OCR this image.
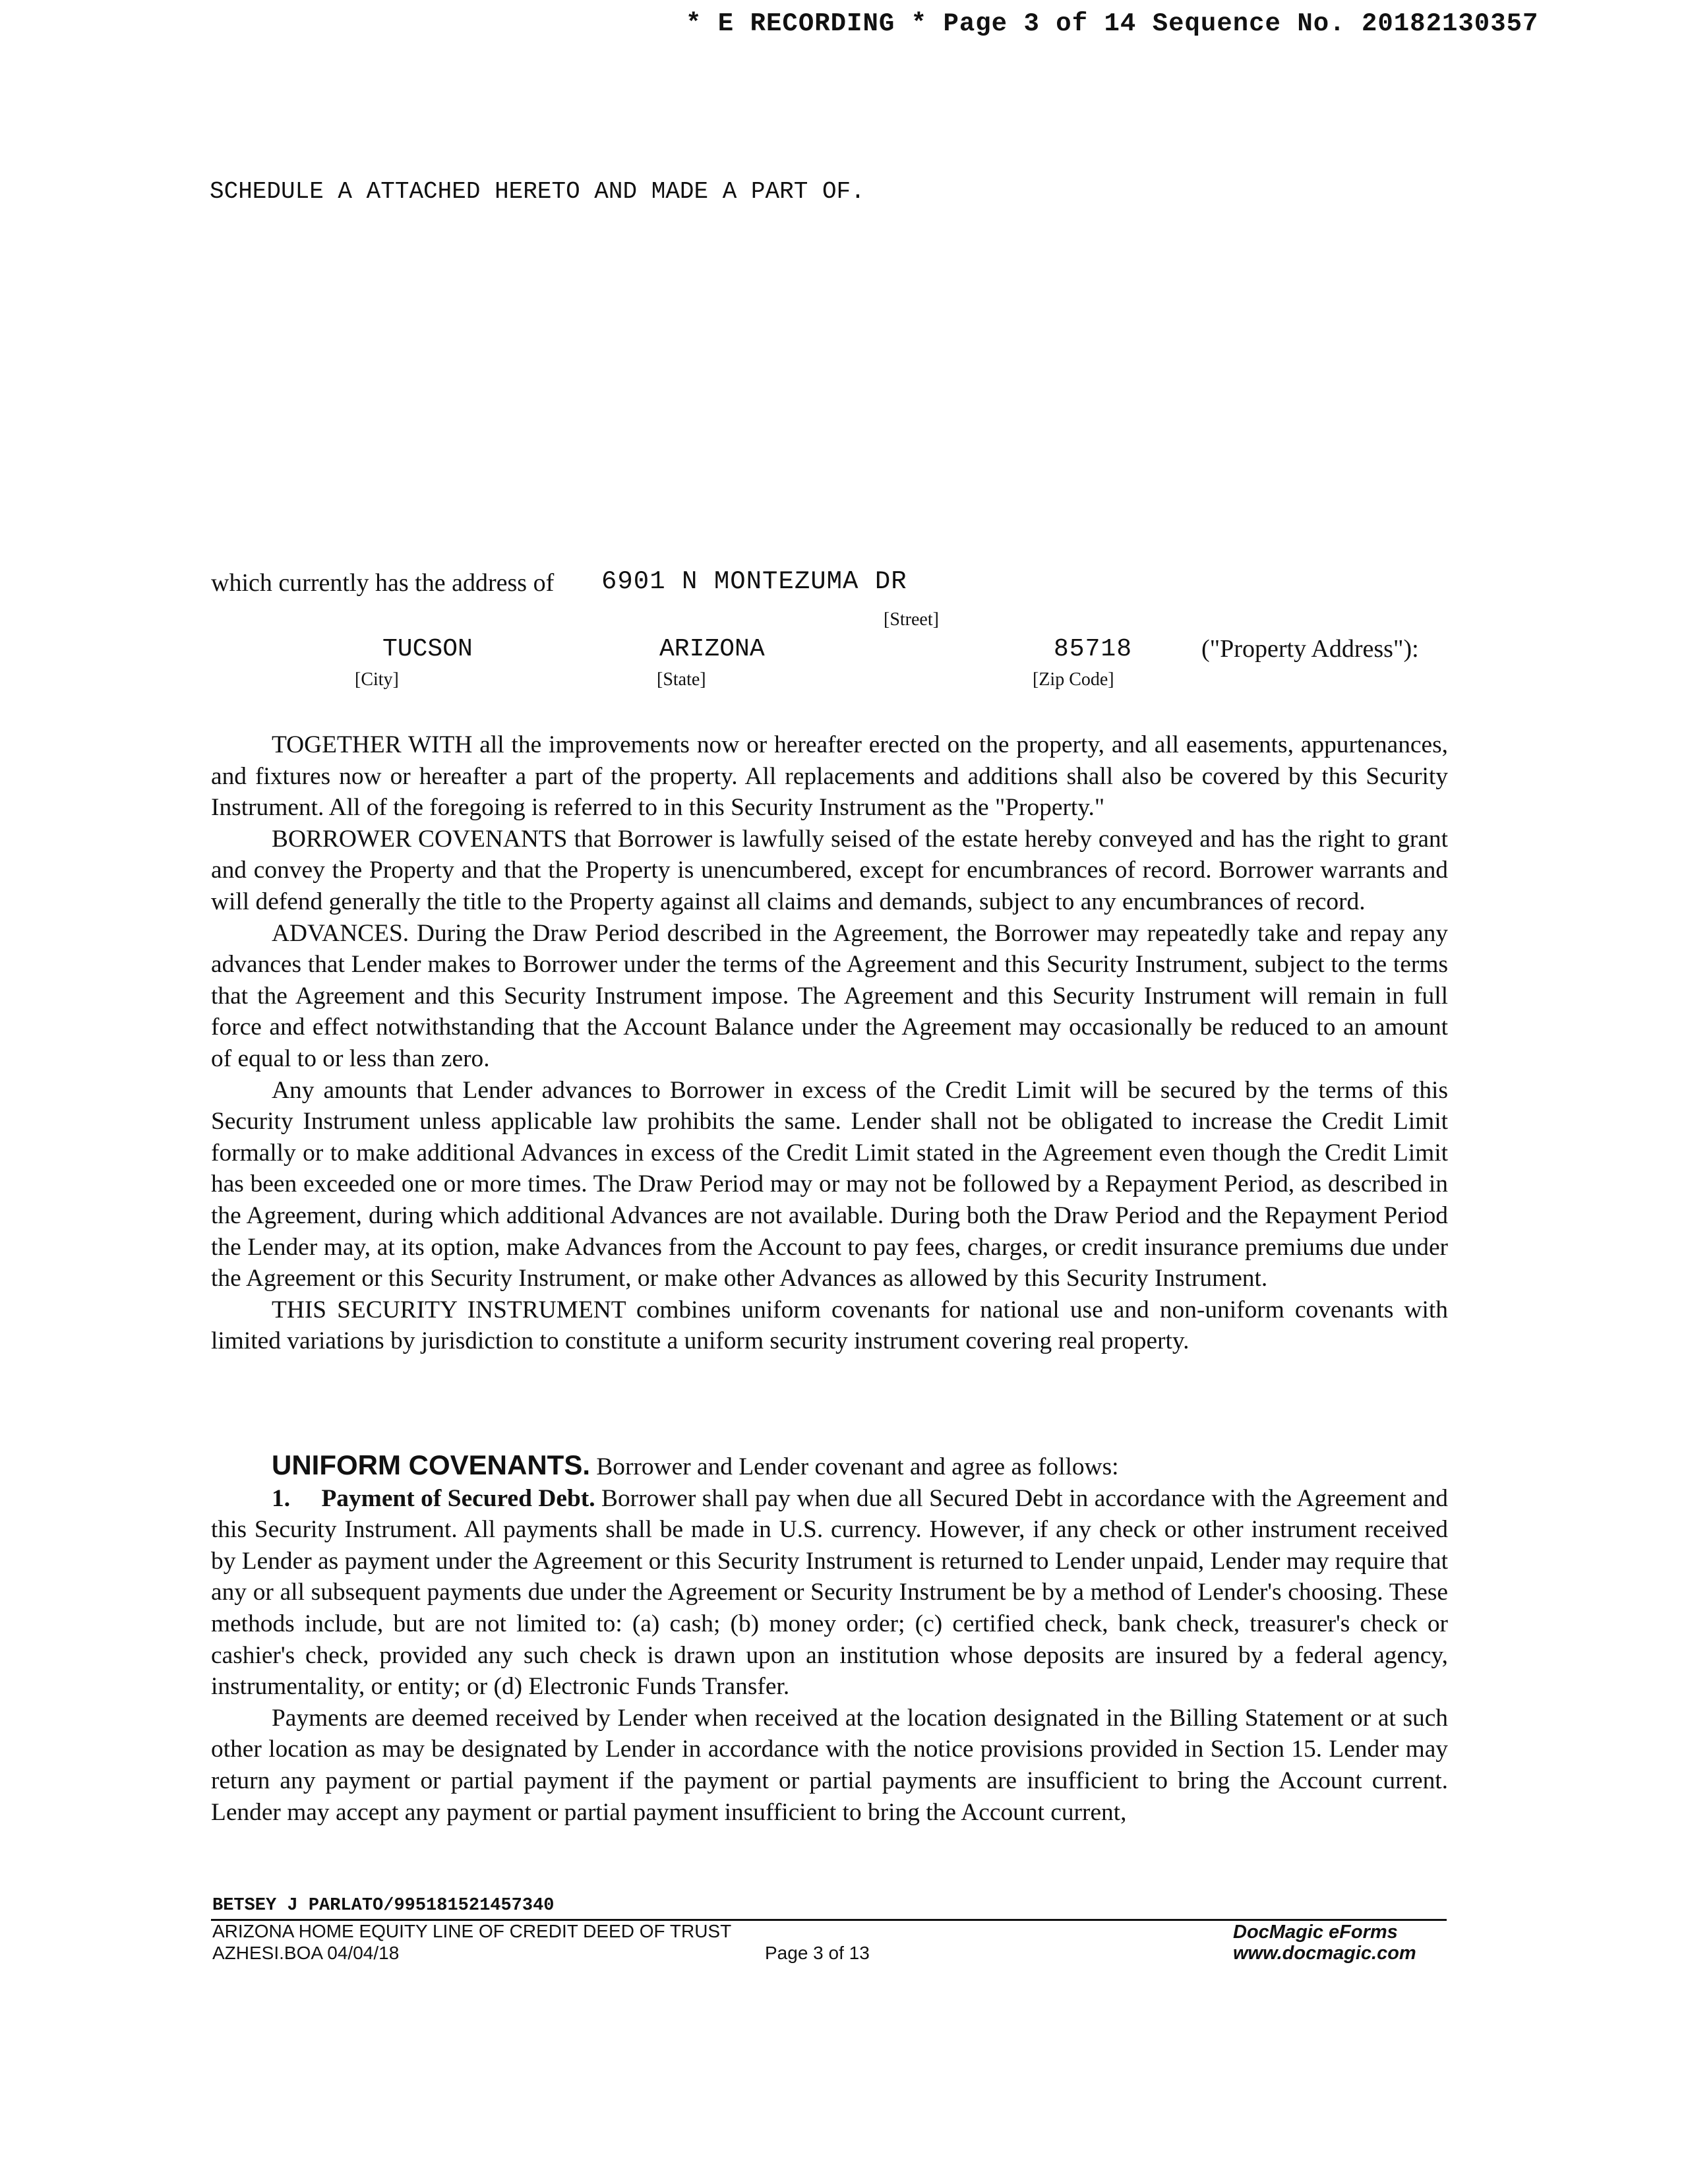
* E RECORDING * Page 3 of 14 Sequence No. 20182130357
SCHEDULE A ATTACHED HERETO AND MADE A PART OF.
which currently has the address of 6901 N MONTEZUMA DR
[Street]
TUCSON	ARIZONA	85718	("Property Address"):
[City]	[State]	[Zip Code]

TOGETHER WITH all the improvements now or hereafter erected on the property, and all easements, appurtenances, and fixtures now or hereafter a part of the property. All replacements and additions shall also be covered by this Security Instrument. All of the foregoing is referred to in this Security Instrument as the "Property."

BORROWER COVENANTS that Borrower is lawfully seised of the estate hereby conveyed and has the right to grant and convey the Property and that the Property is unencumbered, except for encumbrances of record. Borrower warrants and will defend generally the title to the Property against all claims and demands, subject to any encumbrances of record.

ADVANCES. During the Draw Period described in the Agreement, the Borrower may repeatedly take and repay any advances that Lender makes to Borrower under the terms of the Agreement and this Security Instrument, subject to the terms that the Agreement and this Security Instrument impose. The Agreement and this Security Instrument will remain in full force and effect notwithstanding that the Account Balance under the Agreement may occasionally be reduced to an amount of equal to or less than zero.

Any amounts that Lender advances to Borrower in excess of the Credit Limit will be secured by the terms of this Security Instrument unless applicable law prohibits the same. Lender shall not be obligated to increase the Credit Limit formally or to make additional Advances in excess of the Credit Limit stated in the Agreement even though the Credit Limit has been exceeded one or more times. The Draw Period may or may not be followed by a Repayment Period, as described in the Agreement, during which additional Advances are not available. During both the Draw Period and the Repayment Period the Lender may, at its option, make Advances from the Account to pay fees, charges, or credit insurance premiums due under the Agreement or this Security Instrument, or make other Advances as allowed by this Security Instrument.

THIS SECURITY INSTRUMENT combines uniform covenants for national use and non-uniform covenants with limited variations by jurisdiction to constitute a uniform security instrument covering real property.

UNIFORM COVENANTS. Borrower and Lender covenant and agree as follows:

1. Payment of Secured Debt. Borrower shall pay when due all Secured Debt in accordance with the Agreement and this Security Instrument. All payments shall be made in U.S. currency. However, if any check or other instrument received by Lender as payment under the Agreement or this Security Instrument is returned to Lender unpaid, Lender may require that any or all subsequent payments due under the Agreement or Security Instrument be by a method of Lender's choosing. These methods include, but are not limited to: (a) cash; (b) money order; (c) certified check, bank check, treasurer's check or cashier's check, provided any such check is drawn upon an institution whose deposits are insured by a federal agency, instrumentality, or entity; or (d) Electronic Funds Transfer.

Payments are deemed received by Lender when received at the location designated in the Billing Statement or at such other location as may be designated by Lender in accordance with the notice provisions provided in Section 15. Lender may return any payment or partial payment if the payment or partial payments are insufficient to bring the Account current. Lender may accept any payment or partial payment insufficient to bring the Account current,

BETSEY J PARLATO/995181521457340
ARIZONA HOME EQUITY LINE OF CREDIT DEED OF TRUST
AZHESI.BOA 04/04/18	Page 3 of 13
DocMagic eForms
www.docmagic.com
